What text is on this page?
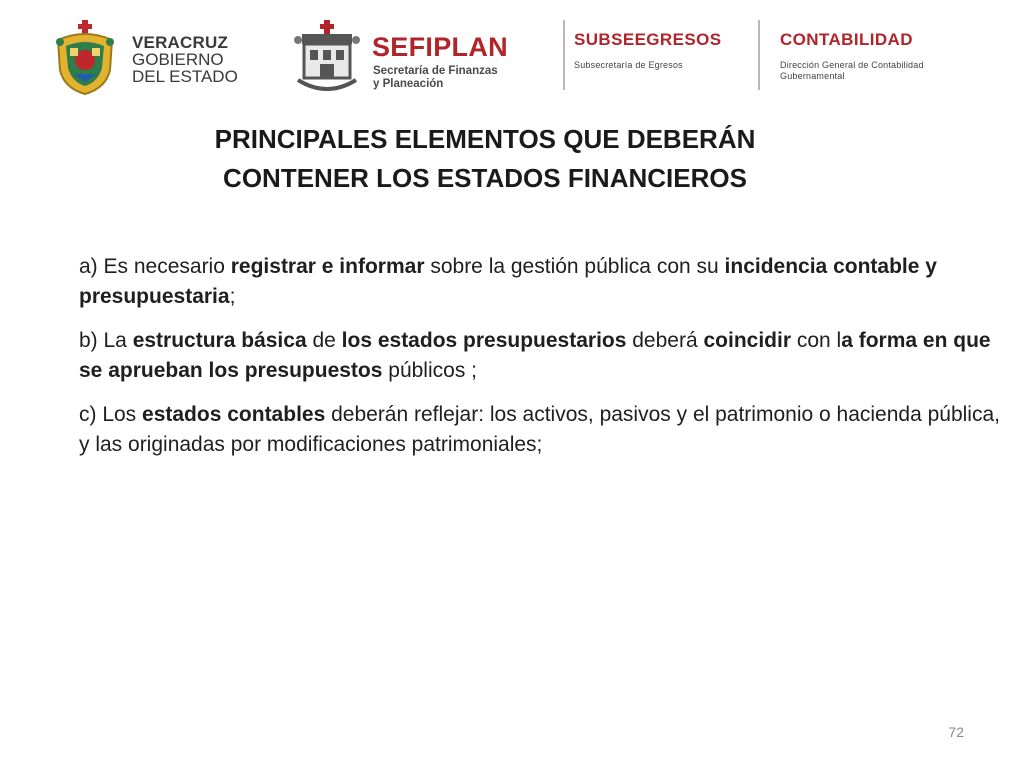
VERACRUZ
GOBIERNO
DEL ESTADO
SEFIPLAN
Secretaría de Finanzas
y Planeación
SUBSEEGRESOS
Subsecretaría de Egresos
CONTABILIDAD
Dirección General de Contabilidad
Gubernamental
PRINCIPALES ELEMENTOS QUE DEBERÁN
CONTENER LOS ESTADOS FINANCIEROS

a) Es necesario registrar e informar sobre la gestión pública con su incidencia contable y presupuestaria;

b) La estructura básica de los estados presupuestarios deberá coincidir con la forma en que se aprueban los presupuestos públicos ;

c) Los estados contables deberán reflejar: los activos, pasivos y el patrimonio o hacienda pública, y las originadas por modificaciones patrimoniales;

72
